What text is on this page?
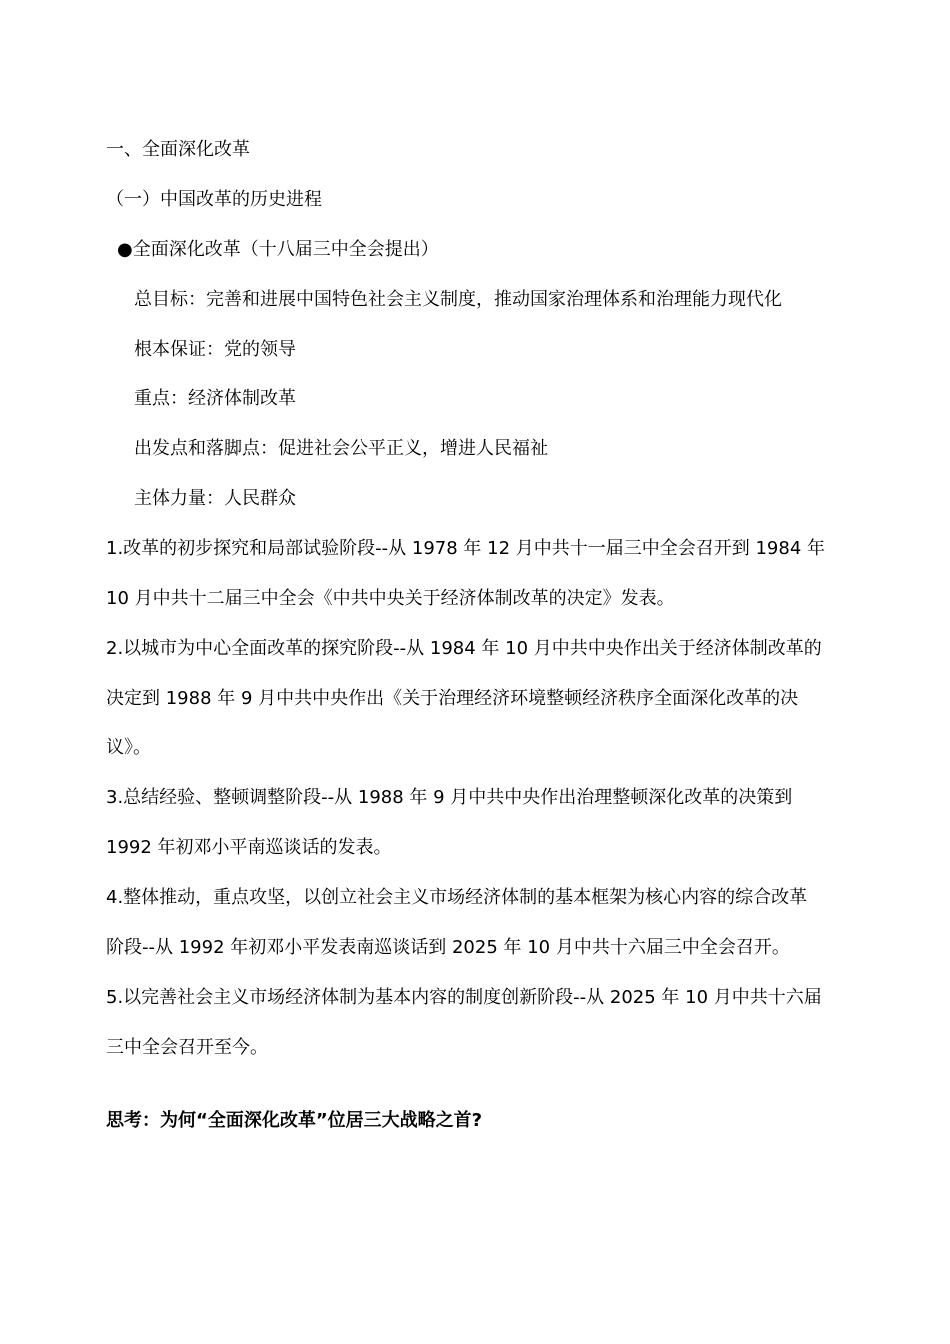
一、全面深化改革
（一）中国改革的历史进程
●全面深化改革（十八届三中全会提出）
总目标：完善和进展中国特色社会主义制度，推动国家治理体系和治理能力现代化
根本保证：党的领导
重点：经济体制改革
出发点和落脚点：促进社会公平正义，增进人民福祉
主体力量：人民群众
1.改革的初步探究和局部试验阶段--从 1978 年 12 月中共十一届三中全会召开到 1984 年
10 月中共十二届三中全会《中共中央关于经济体制改革的决定》发表。
2.以城市为中心全面改革的探究阶段--从 1984 年 10 月中共中央作出关于经济体制改革的
决定到 1988 年 9 月中共中央作出《关于治理经济环境整顿经济秩序全面深化改革的决
议》。
3.总结经验、整顿调整阶段--从 1988 年 9 月中共中央作出治理整顿深化改革的决策到
1992 年初邓小平南巡谈话的发表。
4.整体推动，重点攻坚，以创立社会主义市场经济体制的基本框架为核心内容的综合改革
阶段--从 1992 年初邓小平发表南巡谈话到 2025 年 10 月中共十六届三中全会召开。
5.以完善社会主义市场经济体制为基本内容的制度创新阶段--从 2025 年 10 月中共十六届
三中全会召开至今。
思考：为何“全面深化改革”位居三大战略之首?
